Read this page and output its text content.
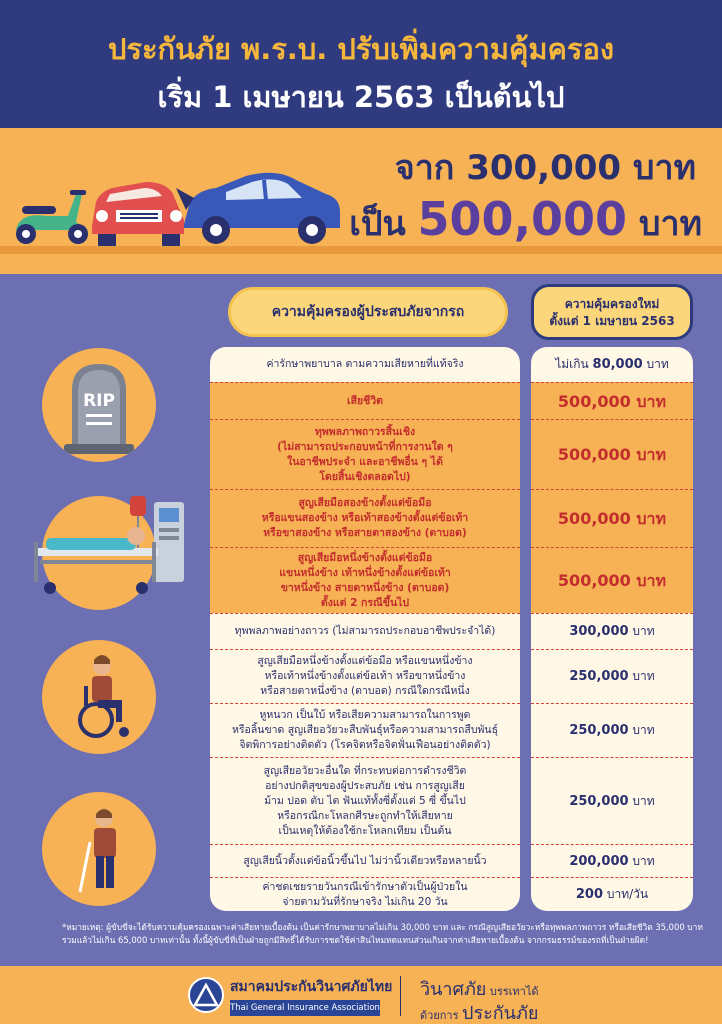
ประกันภัย พ.ร.บ. ปรับเพิ่มความคุ้มครอง
เริ่ม 1 เมษายน 2563 เป็นต้นไป
จาก 300,000 บาท
เป็น 500,000 บาท
ความคุ้มครองผู้ประสบภัยจากรถ	ความคุ้มครองใหม่
ตั้งแต่ 1 เมษายน 2563
ค่ารักษาพยาบาล ตามความเสียหายที่แท้จริง
เสียชีวิต
ทุพพลภาพถาวรสิ้นเชิง
(ไม่สามารถประกอบหน้าที่การงานใด ๆ
ในอาชีพประจำ และอาชีพอื่น ๆ ได้
โดยสิ้นเชิงตลอดไป)
สูญเสียมือสองข้างตั้งแต่ข้อมือ
หรือแขนสองข้าง หรือเท้าสองข้างตั้งแต่ข้อเท้า
หรือขาสองข้าง หรือสายตาสองข้าง (ตาบอด)
สูญเสียมือหนึ่งข้างตั้งแต่ข้อมือ
แขนหนึ่งข้าง เท้าหนึ่งข้างตั้งแต่ข้อเท้า
ขาหนึ่งข้าง สายตาหนึ่งข้าง (ตาบอด)
ตั้งแต่ 2 กรณีขึ้นไป
ทุพพลภาพอย่างถาวร (ไม่สามารถประกอบอาชีพประจำได้)
สูญเสียมือหนึ่งข้างตั้งแต่ข้อมือ หรือแขนหนึ่งข้าง
หรือเท้าหนึ่งข้างตั้งแต่ข้อเท้า หรือขาหนึ่งข้าง
หรือสายตาหนึ่งข้าง (ตาบอด) กรณีใดกรณีหนึ่ง
หูหนวก เป็นใบ้ หรือเสียความสามารถในการพูด
หรือลิ้นขาด สูญเสียอวัยวะสืบพันธุ์หรือความสามารถสืบพันธุ์
จิตพิการอย่างติดตัว (โรคจิตหรือจิตฟั่นเฟือนอย่างติดตัว)
สูญเสียอวัยวะอื่นใด ที่กระทบต่อการดำรงชีวิต
อย่างปกติสุขของผู้ประสบภัย เช่น การสูญเสีย
ม้าม ปอด ตับ ไต ฟันแท้ทั้งซี่ตั้งแต่ 5 ซี่ ขึ้นไป
หรือกรณีกะโหลกศีรษะถูกทำให้เสียหาย
เป็นเหตุให้ต้องใช้กะโหลกเทียม เป็นต้น
สูญเสียนิ้วตั้งแต่ข้อนิ้วขึ้นไป ไม่ว่านิ้วเดียวหรือหลายนิ้ว
ค่าชดเชยรายวันกรณีเข้ารักษาตัวเป็นผู้ป่วยใน
จ่ายตามวันที่รักษาจริง ไม่เกิน 20 วัน
ไม่เกิน 80,000 บาท
500,000 บาท
500,000 บาท
500,000 บาท
500,000 บาท
300,000 บาท
250,000 บาท
250,000 บาท
250,000 บาท
200,000 บาท
200 บาท/วัน
RIP
*หมายเหตุ: ผู้ขับขี่จะได้รับความคุ้มครองเฉพาะค่าเสียหายเบื้องต้น เป็นค่ารักษาพยาบาลไม่เกิน 30,000 บาท และ กรณีสูญเสียอวัยวะหรือทุพพลภาพถาวร หรือเสียชีวิต 35,000 บาท รวมแล้วไม่เกิน 65,000 บาทเท่านั้น ทั้งนี้ผู้ขับขี่ที่เป็นฝ่ายถูกมีสิทธิ์ได้รับการชดใช้ค่าสินไหมทดแทนส่วนเกินจากค่าเสียหายเบื้องต้น จากกรมธรรม์ของรถที่เป็นฝ่ายผิด!
สมาคมประกันวินาศภัยไทย
Thai General Insurance Association
วินาศภัย บรรเทาได้
ด้วยการ ประกันภัย
